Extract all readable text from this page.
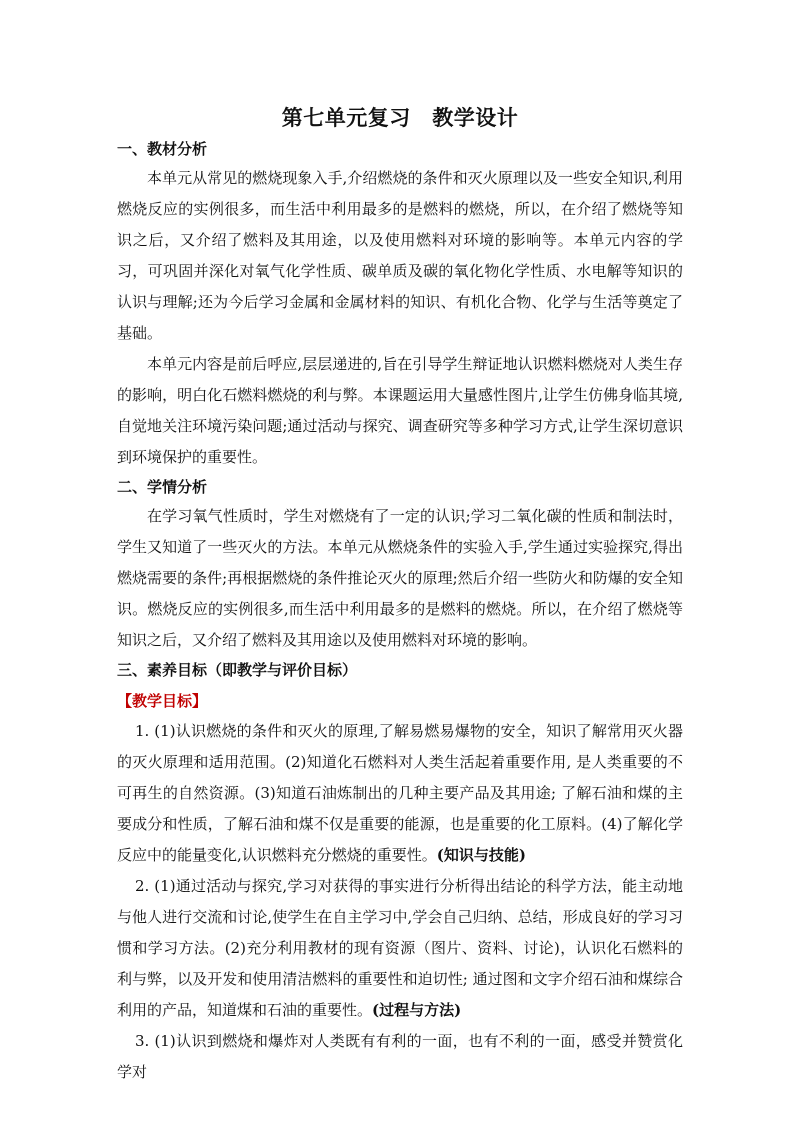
第七单元复习　教学设计
一、教材分析

本单元从常见的燃烧现象入手,介绍燃烧的条件和灭火原理以及一些安全知识,利用燃烧反应的实例很多，而生活中利用最多的是燃料的燃烧，所以，在介绍了燃烧等知识之后，又介绍了燃料及其用途，以及使用燃料对环境的影响等。本单元内容的学习，可巩固并深化对氧气化学性质、碳单质及碳的氧化物化学性质、水电解等知识的认识与理解;还为今后学习金属和金属材料的知识、有机化合物、化学与生活等奠定了基础。

本单元内容是前后呼应,层层递进的,旨在引导学生辩证地认识燃料燃烧对人类生存的影响，明白化石燃料燃烧的利与弊。本课题运用大量感性图片,让学生仿佛身临其境,自觉地关注环境污染问题;通过活动与探究、调查研究等多种学习方式,让学生深切意识到环境保护的重要性。

二、学情分析

在学习氧气性质时，学生对燃烧有了一定的认识;学习二氧化碳的性质和制法时，学生又知道了一些灭火的方法。本单元从燃烧条件的实验入手,学生通过实验探究,得出燃烧需要的条件;再根据燃烧的条件推论灭火的原理;然后介绍一些防火和防爆的安全知识。燃烧反应的实例很多,而生活中利用最多的是燃料的燃烧。所以，在介绍了燃烧等知识之后，又介绍了燃料及其用途以及使用燃料对环境的影响。

三、素养目标（即教学与评价目标）
【教学目标】

1. (1)认识燃烧的条件和灭火的原理,了解易燃易爆物的安全，知识了解常用灭火器的灭火原理和适用范围。(2)知道化石燃料对人类生活起着重要作用, 是人类重要的不可再生的自然资源。(3)知道石油炼制出的几种主要产品及其用途; 了解石油和煤的主要成分和性质，了解石油和煤不仅是重要的能源，也是重要的化工原料。(4)了解化学反应中的能量变化,认识燃料充分燃烧的重要性。(知识与技能)

2. (1)通过活动与探究,学习对获得的事实进行分析得出结论的科学方法，能主动地与他人进行交流和讨论,使学生在自主学习中,学会自己归纳、总结，形成良好的学习习惯和学习方法。(2)充分利用教材的现有资源（图片、资料、讨论)，认识化石燃料的利与弊，以及开发和使用清洁燃料的重要性和迫切性; 通过图和文字介绍石油和煤综合利用的产品，知道煤和石油的重要性。(过程与方法)

3. (1)认识到燃烧和爆炸对人类既有有利的一面，也有不利的一面，感受并赞赏化学对
